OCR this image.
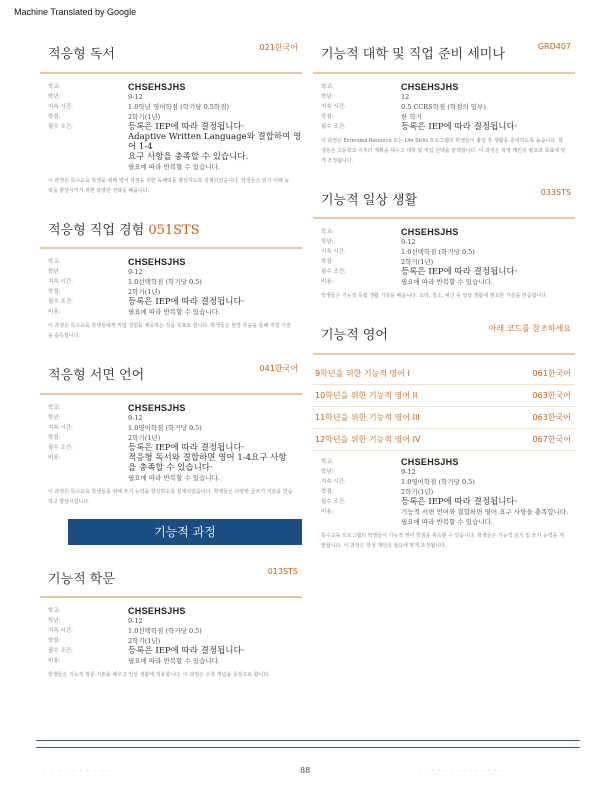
Machine Translated by Google
적응형 독서	021한국어
학교:	CHSEHSJHS
학년:	9-12
지속 시간:	1.0학년 영어학점 (학기당 0.5학점)
학점:	2학기(1년)
필수 조건:	등록은 IEP에 따라 결정됩니다·
Adaptive Written Language와 결합하여 영어 1-4
요구 사항을 충족할 수 있습니다.
필요에 따라 반복할 수 있습니다.
이 과정은 특수교육 학생을 위해 영어 학점을 위한 독해력을 향상하도록 설계되었습니다. 학생들은 읽기 이해 능력을 향상시키기 위한 다양한 전략을 배웁니다.
적응형 직업 경험 051STS
학교:	CHSEHSJHS
학년:	9-12
지속 시간:	1.0선택학점 (학기당 0.5)
학점:	2학기(1년)
필수 조건:	등록은 IEP에 따라 결정됩니다·
비용:	필요에 따라 반복할 수 있습니다.
이 과정은 특수교육 학생들에게 직업 경험을 제공하는 것을 목표로 합니다. 학생들은 현장 학습을 통해 직업 기술을 습득합니다.
적응형 서면 언어	041한국어
학교:	CHSEHSJHS
학년:	9-12
지속 시간:	1.0영어학점 (학기당 0.5)
학점:	2학기(1년)
필수 조건:	등록은 IEP에 따라 결정됩니다·
비용:	적응형 독서와 결합하면 영어 1-4요구 사항
을 충족할 수 있습니다·
필요에 따라 반복할 수 있습니다.
이 과정은 특수교육 학생들을 위해 쓰기 능력을 향상하도록 설계되었습니다. 학생들은 다양한 글쓰기 기술을 연습하고 향상시킵니다.
기능적 과정
기능적 학문
013STS
학교:	CHSEHSJHS
학년:	9-12
지속 시간:	1.0선택학점 (학기당 0.5)
학점:	2학기(1년)
필수 조건:	등록은 IEP에 따라 결정됩니다·
비용:	필요에 따라 반복할 수 있습니다.
학생들은 기능적 학문 기술을 배우고 일상 생활에 적용합니다. 이 과정은 수학 개념을 중심으로 합니다.
기능적 대학 및 직업 준비 세미나
GRD407
학교:	CHSEHSJHS
학년:	12
지속 시간:	0.5 CCRS학점 (학점의 일부)
학점:	한 학기
필수 조건:	등록은 IEP에 따라 결정됩니다·
이 과정은 Extended Resource 또는 Life Skills 프로그램의 학생들이 졸업 후 생활을 준비하도록 돕습니다. 학생들은 고등학교 이후의 계획을 세우고 대학 및 직업 선택을 탐색합니다. 이 과정은 학생 개인의 필요와 목표에 맞게 조정됩니다.
기능적 일상 생활
033STS
학교:	CHSEHSJHS
학년:	9-12
지속 시간:	1.0선택학점 (학기당 0.5)
학점:	2학기(1년)
필수 조건:	등록은 IEP에 따라 결정됩니다·
비용:	필요에 따라 반복할 수 있습니다.
학생들은 기능적 독립 생활 기술을 배웁니다. 요리, 청소, 예산 등 일상 생활에 필요한 기술을 연습합니다.
기능적 영어	아래 코드를 참조하세요
9학년을 위한 기능적 영어 I	061한국어
10학년을 위한 기능적 영어 II	063한국어
11학년을 위한 기능적 영어 III	063한국어
12학년을 위한 기능적 영어 IV	067한국어
학교:	CHSEHSJHS
학년:	9-12
지속 시간:	1.0영어학점 (학기당 0.5)
학점:	2학기(1년)
필수 조건:	등록은 IEP에 따라 결정됩니다·
비용:	기능적 서면 언어와 결합하면 영어 요구 사항을 충족합니다.
필요에 따라 반복할 수 있습니다.
특수교육 프로그램의 학생들이 기능적 영어 학점을 취득할 수 있습니다. 학생들은 기능적 읽기 및 쓰기 능력을 개발합니다. 이 과정은 학생 개인의 필요에 맞게 조정됩니다.
· · · · · · · · · ·	88	· · · · · · · · · · · · · ·
